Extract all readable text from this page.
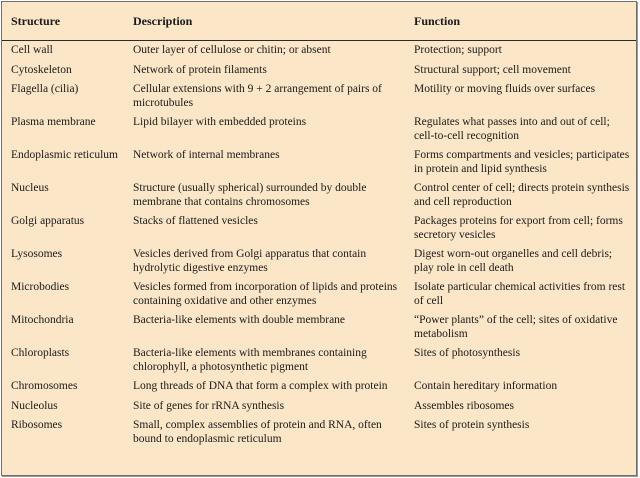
Structure	Description	Function
Cell wall	Outer layer of cellulose or chitin; or absent	Protection; support
Cytoskeleton	Network of protein filaments	Structural support; cell movement
Flagella (cilia)	Cellular extensions with 9 + 2 arrangement of pairs of microtubules	Motility or moving fluids over surfaces
Plasma membrane	Lipid bilayer with embedded proteins	Regulates what passes into and out of cell; cell-to-cell recognition
Endoplasmic reticulum	Network of internal membranes	Forms compartments and vesicles; participates in protein and lipid synthesis
Nucleus	Structure (usually spherical) surrounded by double membrane that contains chromosomes	Control center of cell; directs protein synthesis and cell reproduction
Golgi apparatus	Stacks of flattened vesicles	Packages proteins for export from cell; forms secretory vesicles
Lysosomes	Vesicles derived from Golgi apparatus that contain hydrolytic digestive enzymes	Digest worn-out organelles and cell debris; play role in cell death
Microbodies	Vesicles formed from incorporation of lipids and proteins containing oxidative and other enzymes	Isolate particular chemical activities from rest of cell
Mitochondria	Bacteria-like elements with double membrane	“Power plants” of the cell; sites of oxidative metabolism
Chloroplasts	Bacteria-like elements with membranes containing chlorophyll, a photosynthetic pigment	Sites of photosynthesis
Chromosomes	Long threads of DNA that form a complex with protein	Contain hereditary information
Nucleolus	Site of genes for rRNA synthesis	Assembles ribosomes
Ribosomes	Small, complex assemblies of protein and RNA, often bound to endoplasmic reticulum	Sites of protein synthesis
